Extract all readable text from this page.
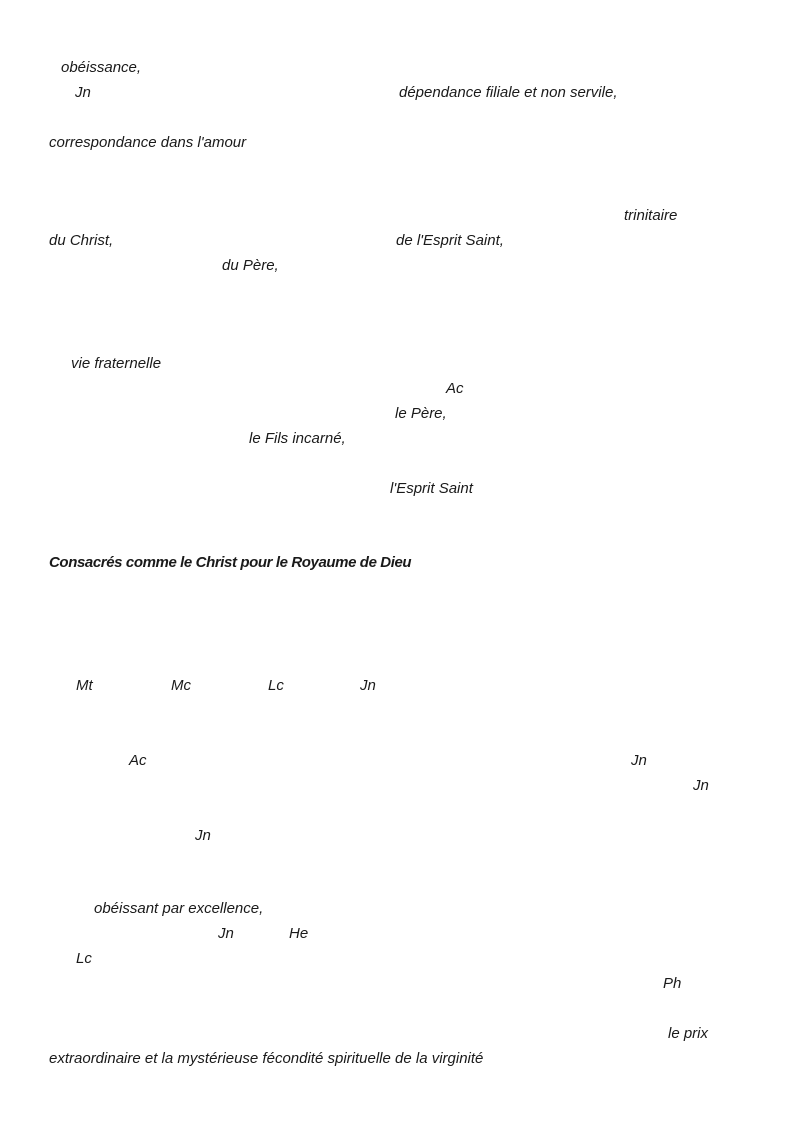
obéissance,
Jn	dépendance filiale et non servile,
correspondance dans l'amour
trinitaire
du Christ,	de l'Esprit Saint,
du Père,
vie fraternelle
Ac
le Père,
le Fils incarné,
l'Esprit Saint
Consacrés comme le Christ pour le Royaume de Dieu
Mt	Mc	Lc	Jn
Ac	Jn
Jn
Jn
obéissant par excellence,
Jn	He
Lc
Ph
le prix
extraordinaire et la mystérieuse fécondité spirituelle de la virginité
